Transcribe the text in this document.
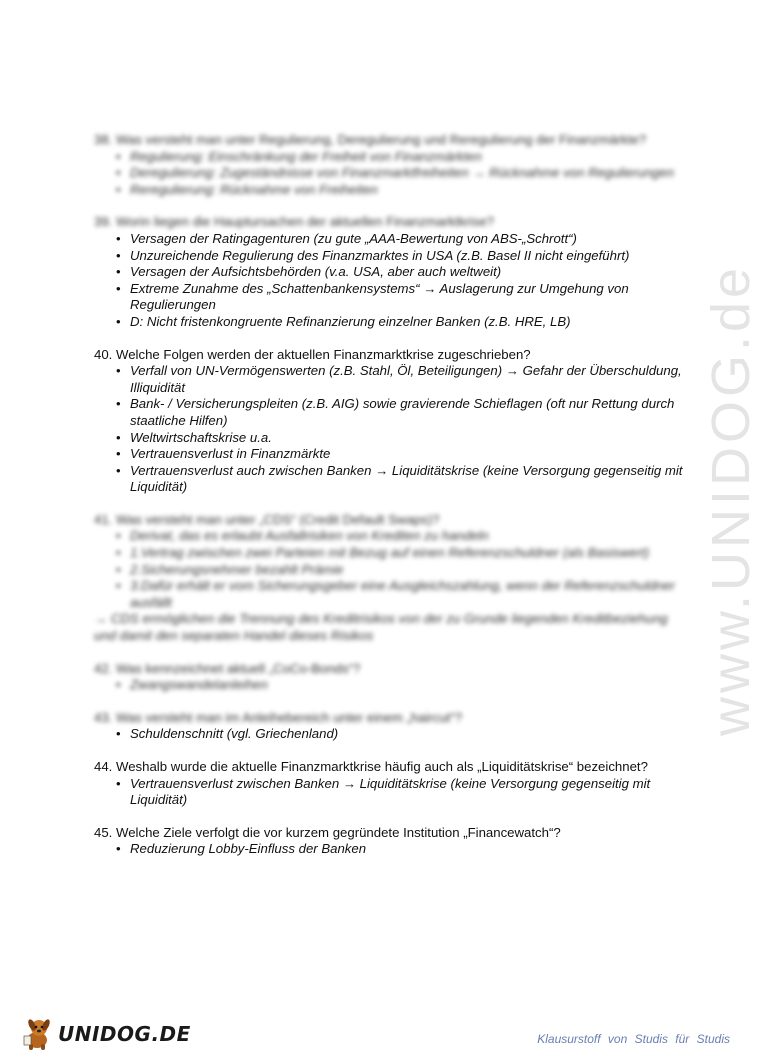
www.UNIDOG.de

38. Was versteht man unter Regulierung, Deregulierung und Reregulierung der Finanzmärkte?

• Regulierung: Einschränkung der Freiheit von Finanzmärkten
• Deregulierung: Zugeständnisse von Finanzmarktfreiheiten → Rücknahme von Regulierungen
• Reregulierung: Rücknahme von Freiheiten

39. Worin liegen die Hauptursachen der aktuellen Finanzmarktkrise?

• Versagen der Ratingagenturen (zu gute „AAA-Bewertung von ABS-„Schrott“)
• Unzureichende Regulierung des Finanzmarktes in USA (z.B. Basel II nicht eingeführt)
• Versagen der Aufsichtsbehörden (v.a. USA, aber auch weltweit)
• Extreme Zunahme des „Schattenbankensystems“ → Auslagerung zur Umgehung von Regulierungen
• D: Nicht fristenkongruente Refinanzierung einzelner Banken (z.B. HRE, LB)

40. Welche Folgen werden der aktuellen Finanzmarktkrise zugeschrieben?

• Verfall von UN-Vermögenswerten (z.B. Stahl, Öl, Beteiligungen) → Gefahr der Überschuldung, Illiquidität
• Bank- / Versicherungspleiten (z.B. AIG) sowie gravierende Schieflagen (oft nur Rettung durch staatliche Hilfen)
• Weltwirtschaftskrise u.a.
• Vertrauensverlust in Finanzmärkte
• Vertrauensverlust auch zwischen Banken → Liquiditätskrise (keine Versorgung gegenseitig mit Liquidität)

41. Was versteht man unter „CDS“ (Credit Default Swaps)?

• Derivat, das es erlaubt Ausfallrisiken von Krediten zu handeln
• 1.Vertrag zwischen zwei Parteien mit Bezug auf einen Referenzschuldner (als Basiswert)
• 2.Sicherungsnehmer bezahlt Prämie
• 3.Dafür erhält er vom Sicherungsgeber eine Ausgleichszahlung, wenn der Referenzschuldner ausfällt

→ CDS ermöglichen die Trennung des Kreditrisikos von der zu Grunde liegenden Kreditbeziehung und damit den separaten Handel dieses Risikos

42. Was kennzeichnet aktuell „CoCo-Bonds“?

• Zwangswandelanleihen

43. Was versteht man im Anleihebereich unter einem „haircut“?

• Schuldenschnitt (vgl. Griechenland)

44. Weshalb wurde die aktuelle Finanzmarktkrise häufig auch als „Liquiditätskrise“ bezeichnet?

• Vertrauensverlust zwischen Banken → Liquiditätskrise (keine Versorgung gegenseitig mit Liquidität)

45. Welche Ziele verfolgt die vor kurzem gegründete Institution „Financewatch“?

• Reduzierung Lobby-Einfluss der Banken
UNIDOG.DE	Klausurstoff von Studis für Studis
